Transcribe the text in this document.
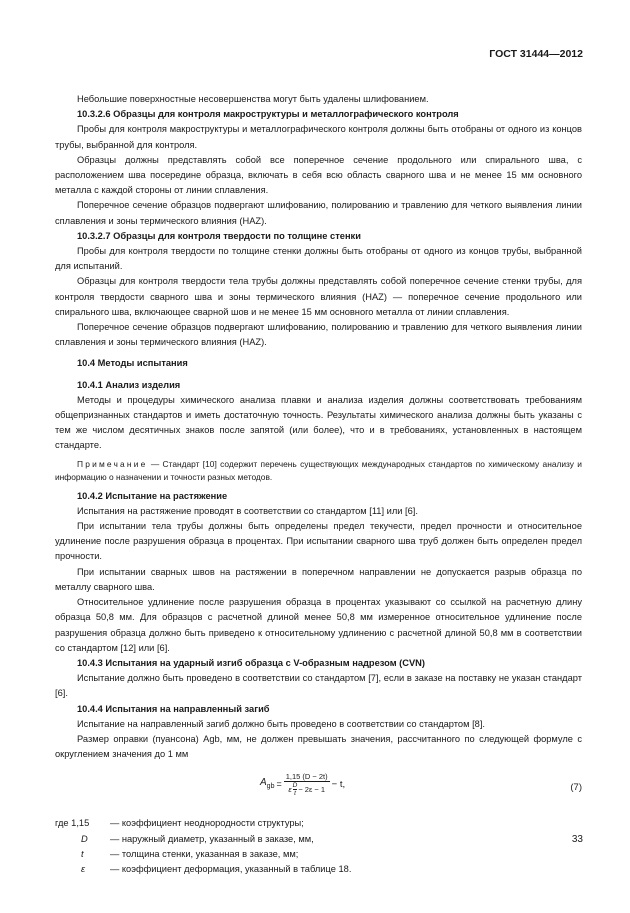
ГОСТ 31444—2012

Небольшие поверхностные несовершенства могут быть удалены шлифованием.

10.3.2.6 Образцы для контроля макроструктуры и металлографического контроля

Пробы для контроля макроструктуры и металлографического контроля должны быть отобраны от одного из концов трубы, выбранной для контроля.

Образцы должны представлять собой все поперечное сечение продольного или спирального шва, с расположением шва посередине образца, включать в себя всю область сварного шва и не менее 15 мм основного металла с каждой стороны от линии сплавления.

Поперечное сечение образцов подвергают шлифованию, полированию и травлению для четкого выявления линии сплавления и зоны термического влияния (HAZ).

10.3.2.7 Образцы для контроля твердости по толщине стенки

Пробы для контроля твердости по толщине стенки должны быть отобраны от одного из концов трубы, выбранной для испытаний.

Образцы для контроля твердости тела трубы должны представлять собой поперечное сечение стенки трубы, для контроля твердости сварного шва и зоны термического влияния (HAZ) — поперечное сечение продольного или спирального шва, включающее сварной шов и не менее 15 мм основного металла от линии сплавления.

Поперечное сечение образцов подвергают шлифованию, полированию и травлению для четкого выявления линии сплавления и зоны термического влияния (HAZ).

10.4 Методы испытания

10.4.1 Анализ изделия

Методы и процедуры химического анализа плавки и анализа изделия должны соответствовать требованиям общепризнанных стандартов и иметь достаточную точность. Результаты химического анализа должны быть указаны с тем же числом десятичных знаков после запятой (или более), что и в требованиях, установленных в настоящем стандарте.

Примечание — Стандарт [10] содержит перечень существующих международных стандартов по химическому анализу и информацию о назначении и точности разных методов.

10.4.2 Испытание на растяжение

Испытания на растяжение проводят в соответствии со стандартом [11] или [6].

При испытании тела трубы должны быть определены предел текучести, предел прочности и относительное удлинение после разрушения образца в процентах. При испытании сварного шва труб должен быть определен предел прочности.

При испытании сварных швов на растяжении в поперечном направлении не допускается разрыв образца по металлу сварного шва.

Относительное удлинение после разрушения образца в процентах указывают со ссылкой на расчетную длину образца 50,8 мм. Для образцов с расчетной длиной менее 50,8 мм измеренное относительное удлинение после разрушения образца должно быть приведено к относительному удлинению с расчетной длиной 50,8 мм в соответствии со стандартом [12] или [6].

10.4.3 Испытания на ударный изгиб образца с V-образным надрезом (CVN)

Испытание должно быть проведено в соответствии со стандартом [7], если в заказе на поставку не указан стандарт [6].

10.4.4 Испытания на направленный загиб

Испытание на направленный загиб должно быть проведено в соответствии со стандартом [8].

Размер оправки (пуансона) Agb, мм, не должен превышать значения, рассчитанного по следующей формуле с округлением значения до 1 мм

$A_{gb} = \frac{1,15 (D - 2t)}{\varepsilon \frac{D}{t} - 2\varepsilon - 1} - t$,	(7)
где 1,15	— коэффициент неоднородности структуры;
D	— наружный диаметр, указанный в заказе, мм,
t	— толщина стенки, указанная в заказе, мм;
ε	— коэффициент деформация, указанный в таблице 18.
33
